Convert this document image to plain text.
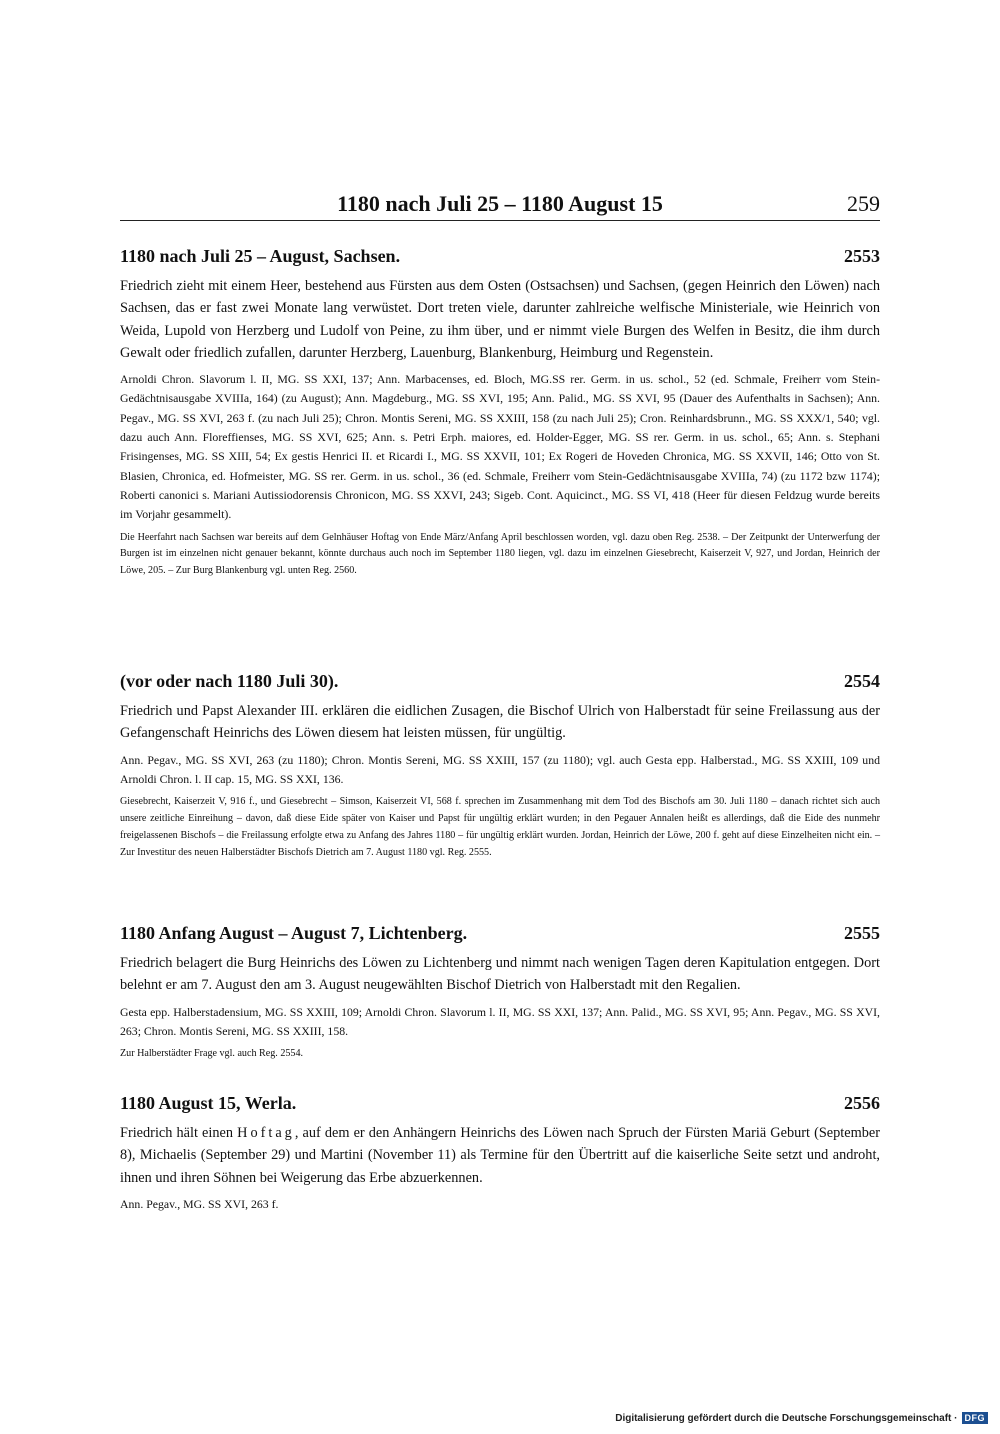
1180 nach Juli 25 – 1180 August 15	259
1180 nach Juli 25 – August, Sachsen.	2553

Friedrich zieht mit einem Heer, bestehend aus Fürsten aus dem Osten (Ostsachsen) und Sachsen, (gegen Heinrich den Löwen) nach Sachsen, das er fast zwei Monate lang verwüstet. Dort treten viele, darunter zahlreiche welfische Ministeriale, wie Heinrich von Weida, Lupold von Herzberg und Ludolf von Peine, zu ihm über, und er nimmt viele Burgen des Welfen in Besitz, die ihm durch Gewalt oder friedlich zufallen, darunter Herzberg, Lauenburg, Blankenburg, Heimburg und Regenstein.

Arnoldi Chron. Slavorum l. II, MG. SS XXI, 137; Ann. Marbacenses, ed. Bloch, MG.SS rer. Germ. in us. schol., 52 (ed. Schmale, Freiherr vom Stein-Gedächtnisausgabe XVIIIa, 164) (zu August); Ann. Magdeburg., MG. SS XVI, 195; Ann. Palid., MG. SS XVI, 95 (Dauer des Aufenthalts in Sachsen); Ann. Pegav., MG. SS XVI, 263 f. (zu nach Juli 25); Chron. Montis Sereni, MG. SS XXIII, 158 (zu nach Juli 25); Cron. Reinhardsbrunn., MG. SS XXX/1, 540; vgl. dazu auch Ann. Floreffienses, MG. SS XVI, 625; Ann. s. Petri Erph. maiores, ed. Holder-Egger, MG. SS rer. Germ. in us. schol., 65; Ann. s. Stephani Frisingenses, MG. SS XIII, 54; Ex gestis Henrici II. et Ricardi I., MG. SS XXVII, 101; Ex Rogeri de Hoveden Chronica, MG. SS XXVII, 146; Otto von St. Blasien, Chronica, ed. Hofmeister, MG. SS rer. Germ. in us. schol., 36 (ed. Schmale, Freiherr vom Stein-Gedächtnisausgabe XVIIIa, 74) (zu 1172 bzw 1174); Roberti canonici s. Mariani Autissiodorensis Chronicon, MG. SS XXVI, 243; Sigeb. Cont. Aquicinct., MG. SS VI, 418 (Heer für diesen Feldzug wurde bereits im Vorjahr gesammelt).

Die Heerfahrt nach Sachsen war bereits auf dem Gelnhäuser Hoftag von Ende März/Anfang April beschlossen worden, vgl. dazu oben Reg. 2538. – Der Zeitpunkt der Unterwerfung der Burgen ist im einzelnen nicht genauer bekannt, könnte durchaus auch noch im September 1180 liegen, vgl. dazu im einzelnen Giesebrecht, Kaiserzeit V, 927, und Jordan, Heinrich der Löwe, 205. – Zur Burg Blankenburg vgl. unten Reg. 2560.

(vor oder nach 1180 Juli 30).	2554

Friedrich und Papst Alexander III. erklären die eidlichen Zusagen, die Bischof Ulrich von Halberstadt für seine Freilassung aus der Gefangenschaft Heinrichs des Löwen diesem hat leisten müssen, für ungültig.

Ann. Pegav., MG. SS XVI, 263 (zu 1180); Chron. Montis Sereni, MG. SS XXIII, 157 (zu 1180); vgl. auch Gesta epp. Halberstad., MG. SS XXIII, 109 und Arnoldi Chron. l. II cap. 15, MG. SS XXI, 136.

Giesebrecht, Kaiserzeit V, 916 f., und Giesebrecht – Simson, Kaiserzeit VI, 568 f. sprechen im Zusammenhang mit dem Tod des Bischofs am 30. Juli 1180 – danach richtet sich auch unsere zeitliche Einreihung – davon, daß diese Eide später von Kaiser und Papst für ungültig erklärt wurden; in den Pegauer Annalen heißt es allerdings, daß die Eide des nunmehr freigelassenen Bischofs – die Freilassung erfolgte etwa zu Anfang des Jahres 1180 – für ungültig erklärt wurden. Jordan, Heinrich der Löwe, 200 f. geht auf diese Einzelheiten nicht ein. – Zur Investitur des neuen Halberstädter Bischofs Dietrich am 7. August 1180 vgl. Reg. 2555.

1180 Anfang August – August 7, Lichtenberg.	2555

Friedrich belagert die Burg Heinrichs des Löwen zu Lichtenberg und nimmt nach wenigen Tagen deren Kapitulation entgegen. Dort belehnt er am 7. August den am 3. August neugewählten Bischof Dietrich von Halberstadt mit den Regalien.

Gesta epp. Halberstadensium, MG. SS XXIII, 109; Arnoldi Chron. Slavorum l. II, MG. SS XXI, 137; Ann. Palid., MG. SS XVI, 95; Ann. Pegav., MG. SS XVI, 263; Chron. Montis Sereni, MG. SS XXIII, 158.

Zur Halberstädter Frage vgl. auch Reg. 2554.

1180 August 15, Werla.	2556

Friedrich hält einen Hoftag, auf dem er den Anhängern Heinrichs des Löwen nach Spruch der Fürsten Mariä Geburt (September 8), Michaelis (September 29) und Martini (November 11) als Termine für den Übertritt auf die kaiserliche Seite setzt und androht, ihnen und ihren Söhnen bei Weigerung das Erbe abzuerkennen.

Ann. Pegav., MG. SS XVI, 263 f.

Digitalisierung gefördert durch die Deutsche Forschungsgemeinschaft · DFG
